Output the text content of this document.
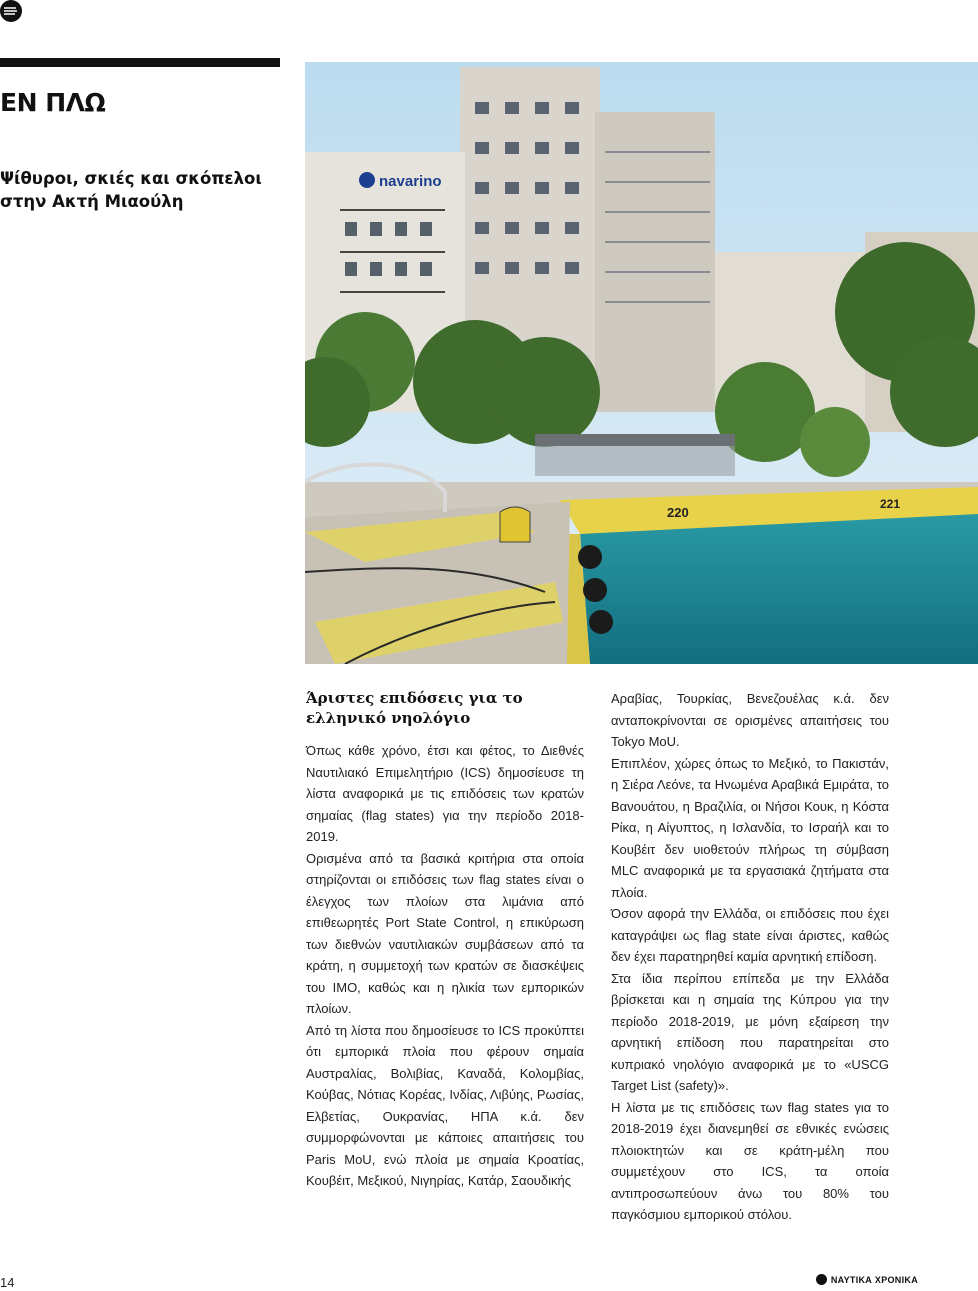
ΕΝ ΠΛΩ
Ψίθυροι, σκιές και σκόπελοι στην Ακτή Μιαούλη
navarino
220
221
Άριστες επιδόσεις για το ελληνικό νηολόγιο

Όπως κάθε χρόνο, έτσι και φέτος, το Διεθνές Ναυτιλιακό Επιμελητήριο (ICS) δημοσίευσε τη λίστα αναφορικά με τις επιδόσεις των κρατών σημαίας (flag states) για την περίοδο 2018-2019.

Ορισμένα από τα βασικά κριτήρια στα οποία στηρίζονται οι επιδόσεις των flag states είναι ο έλεγχος των πλοίων στα λιμάνια από επιθεωρητές Port State Control, η επικύρωση των διεθνών ναυτιλιακών συμβάσεων από τα κράτη, η συμμετοχή των κρατών σε διασκέψεις του IMO, καθώς και η ηλικία των εμπορικών πλοίων.

Από τη λίστα που δημοσίευσε το ICS προκύπτει ότι εμπορικά πλοία που φέρουν σημαία Αυστραλίας, Βολιβίας, Καναδά, Κολομβίας, Κούβας, Νότιας Κορέας, Ινδίας, Λιβύης, Ρωσίας, Ελβετίας, Ουκρανίας, ΗΠΑ κ.ά. δεν συμμορφώνονται με κάποιες απαιτήσεις του Paris MoU, ενώ πλοία με σημαία Κροατίας, Κουβέιτ, Μεξικού, Νιγηρίας, Κατάρ, Σαουδικής

Αραβίας, Τουρκίας, Βενεζουέλας κ.ά. δεν ανταποκρίνονται σε ορισμένες απαιτήσεις του Tokyo MoU.

Επιπλέον, χώρες όπως το Μεξικό, το Πακιστάν, η Σιέρα Λεόνε, τα Ηνωμένα Αραβικά Εμιράτα, το Βανουάτου, η Βραζιλία, οι Νήσοι Κουκ, η Κόστα Ρίκα, η Αίγυπτος, η Ισλανδία, το Ισραήλ και το Κουβέιτ δεν υιοθετούν πλήρως τη σύμβαση MLC αναφορικά με τα εργασιακά ζητήματα στα πλοία.

Όσον αφορά την Ελλάδα, οι επιδόσεις που έχει καταγράψει ως flag state είναι άριστες, καθώς δεν έχει παρατηρηθεί καμία αρνητική επίδοση.

Στα ίδια περίπου επίπεδα με την Ελλάδα βρίσκεται και η σημαία της Κύπρου για την περίοδο 2018-2019, με μόνη εξαίρεση την αρνητική επίδοση που παρατηρείται στο κυπριακό νηολόγιο αναφορικά με το «USCG Target List (safety)».

Η λίστα με τις επιδόσεις των flag states για το 2018-2019 έχει διανεμηθεί σε εθνικές ενώσεις πλοιοκτητών και σε κράτη-μέλη που συμμετέχουν στο ICS, τα οποία αντιπροσωπεύουν άνω του 80% του παγκόσμιου εμπορικού στόλου.

14	ΝΑΥΤΙΚΑ ΧΡΟΝΙΚΑ
